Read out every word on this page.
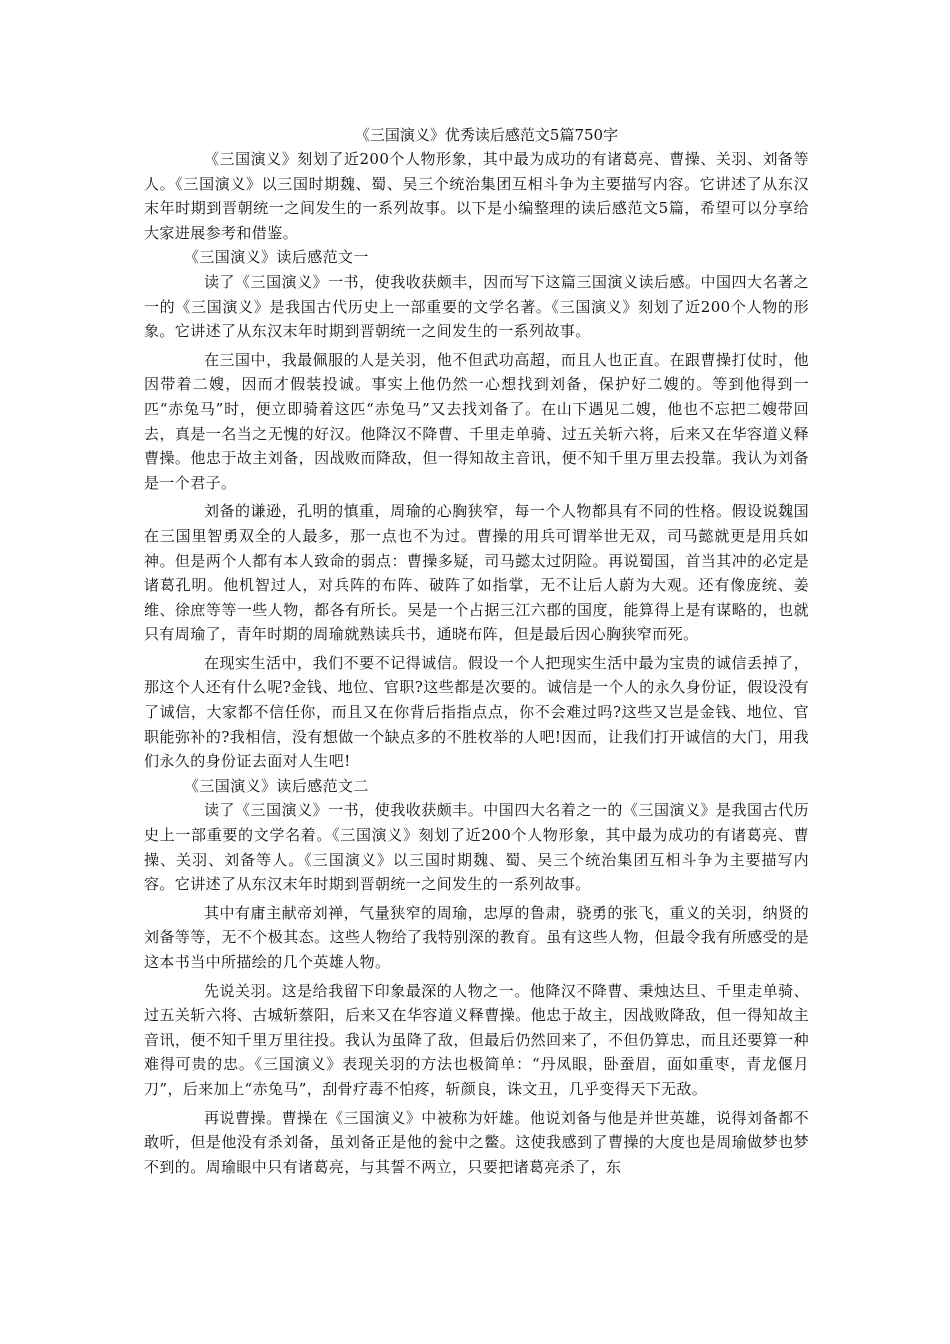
《三国演义》优秀读后感范文5篇750字

《三国演义》刻划了近200个人物形象，其中最为成功的有诸葛亮、曹操、关羽、刘备等人。《三国演义》以三国时期魏、蜀、吴三个统治集团互相斗争为主要描写内容。它讲述了从东汉末年时期到晋朝统一之间发生的一系列故事。以下是小编整理的读后感范文5篇，希望可以分享给大家进展参考和借鉴。

《三国演义》读后感范文一

读了《三国演义》一书，使我收获颇丰，因而写下这篇三国演义读后感。中国四大名著之一的《三国演义》是我国古代历史上一部重要的文学名著。《三国演义》刻划了近200个人物的形象。它讲述了从东汉末年时期到晋朝统一之间发生的一系列故事。

在三国中，我最佩服的人是关羽，他不但武功高超，而且人也正直。在跟曹操打仗时，他因带着二嫂，因而才假装投诚。事实上他仍然一心想找到刘备，保护好二嫂的。等到他得到一匹“赤兔马”时，便立即骑着这匹“赤兔马”又去找刘备了。在山下遇见二嫂，他也不忘把二嫂带回去，真是一名当之无愧的好汉。他降汉不降曹、千里走单骑、过五关斩六将，后来又在华容道义释曹操。他忠于故主刘备，因战败而降敌，但一得知故主音讯，便不知千里万里去投靠。我认为刘备是一个君子。

刘备的谦逊，孔明的慎重，周瑜的心胸狭窄，每一个人物都具有不同的性格。假设说魏国在三国里智勇双全的人最多，那一点也不为过。曹操的用兵可谓举世无双，司马懿就更是用兵如神。但是两个人都有本人致命的弱点：曹操多疑，司马懿太过阴险。再说蜀国，首当其冲的必定是诸葛孔明。他机智过人，对兵阵的布阵、破阵了如指掌，无不让后人蔚为大观。还有像庞统、姜维、徐庶等等一些人物，都各有所长。吴是一个占据三江六郡的国度，能算得上是有谋略的，也就只有周瑜了，青年时期的周瑜就熟读兵书，通晓布阵，但是最后因心胸狭窄而死。

在现实生活中，我们不要不记得诚信。假设一个人把现实生活中最为宝贵的诚信丢掉了，那这个人还有什么呢?金钱、地位、官职?这些都是次要的。诚信是一个人的永久身份证，假设没有了诚信，大家都不信任你，而且又在你背后指指点点，你不会难过吗?这些又岂是金钱、地位、官职能弥补的?我相信，没有想做一个缺点多的不胜枚举的人吧!因而，让我们打开诚信的大门，用我们永久的身份证去面对人生吧!

《三国演义》读后感范文二

读了《三国演义》一书，使我收获颇丰。中国四大名着之一的《三国演义》是我国古代历史上一部重要的文学名着。《三国演义》刻划了近200个人物形象，其中最为成功的有诸葛亮、曹操、关羽、刘备等人。《三国演义》以三国时期魏、蜀、吴三个统治集团互相斗争为主要描写内容。它讲述了从东汉末年时期到晋朝统一之间发生的一系列故事。

其中有庸主献帝刘禅，气量狭窄的周瑜，忠厚的鲁肃，骁勇的张飞，重义的关羽，纳贤的刘备等等，无不个极其态。这些人物给了我特别深的教育。虽有这些人物，但最令我有所感受的是这本书当中所描绘的几个英雄人物。

先说关羽。这是给我留下印象最深的人物之一。他降汉不降曹、秉烛达旦、千里走单骑、过五关斩六将、古城斩蔡阳，后来又在华容道义释曹操。他忠于故主，因战败降敌，但一得知故主音讯，便不知千里万里往投。我认为虽降了敌，但最后仍然回来了，不但仍算忠，而且还要算一种难得可贵的忠。《三国演义》表现关羽的方法也极简单：“丹凤眼，卧蚕眉，面如重枣，青龙偃月刀”，后来加上“赤兔马”，刮骨疗毒不怕疼，斩颜良，诛文丑，几乎变得天下无敌。

再说曹操。曹操在《三国演义》中被称为奸雄。他说刘备与他是并世英雄，说得刘备都不敢听，但是他没有杀刘备，虽刘备正是他的瓮中之鳖。这使我感到了曹操的大度也是周瑜做梦也梦不到的。周瑜眼中只有诸葛亮，与其誓不两立，只要把诸葛亮杀了，东
